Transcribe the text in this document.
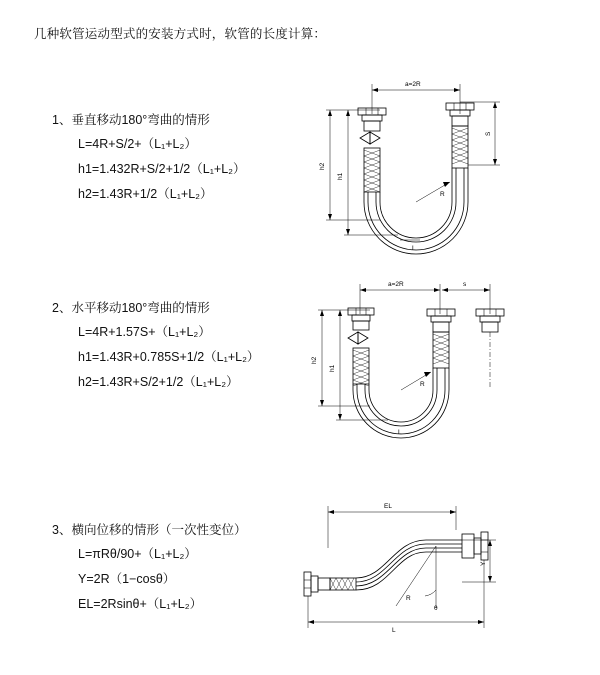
几种软管运动型式的安装方式时，软管的长度计算：

1、垂直移动180°弯曲的情形

L=4R+S/2+（L₁+L₂）

h1=1.432R+S/2+1/2（L₁+L₂）

h2=1.43R+1/2（L₁+L₂）

a=2R
h2
h1
S
R
L

2、水平移动180°弯曲的情形

L=4R+1.57S+（L₁+L₂）

h1=1.43R+0.785S+1/2（L₁+L₂）

h2=1.43R+S/2+1/2（L₁+L₂）

a=2R	s
h2
h1
R
L

3、横向位移的情形（一次性变位）

L=πRθ/90+（L₁+L₂）

Y=2R（1−cosθ）

EL=2Rsinθ+（L₁+L₂）

EL
Y
θ
R
L
